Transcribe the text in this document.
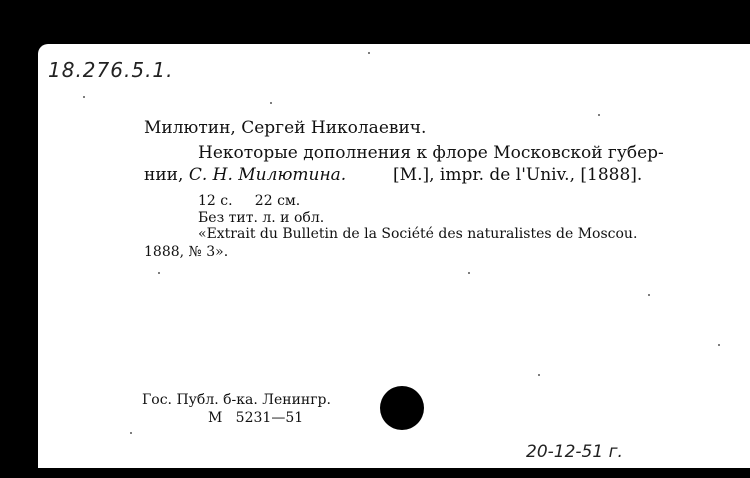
18.276.5.1.
Милютин, Сергей Николаевич.
Некоторые дополнения к флоре Московской губер-
нии, С. Н. Милютина.	[М.], impr. de l'Univ., [1888].
12 с.     22 см.
Без тит. л. и обл.
«Extrait du Bulletin de la Société des naturalistes de Moscou.
1888, № 3».
Гос. Публ. б-ка. Ленингр.
М   5231—51
20-12-51 г.
